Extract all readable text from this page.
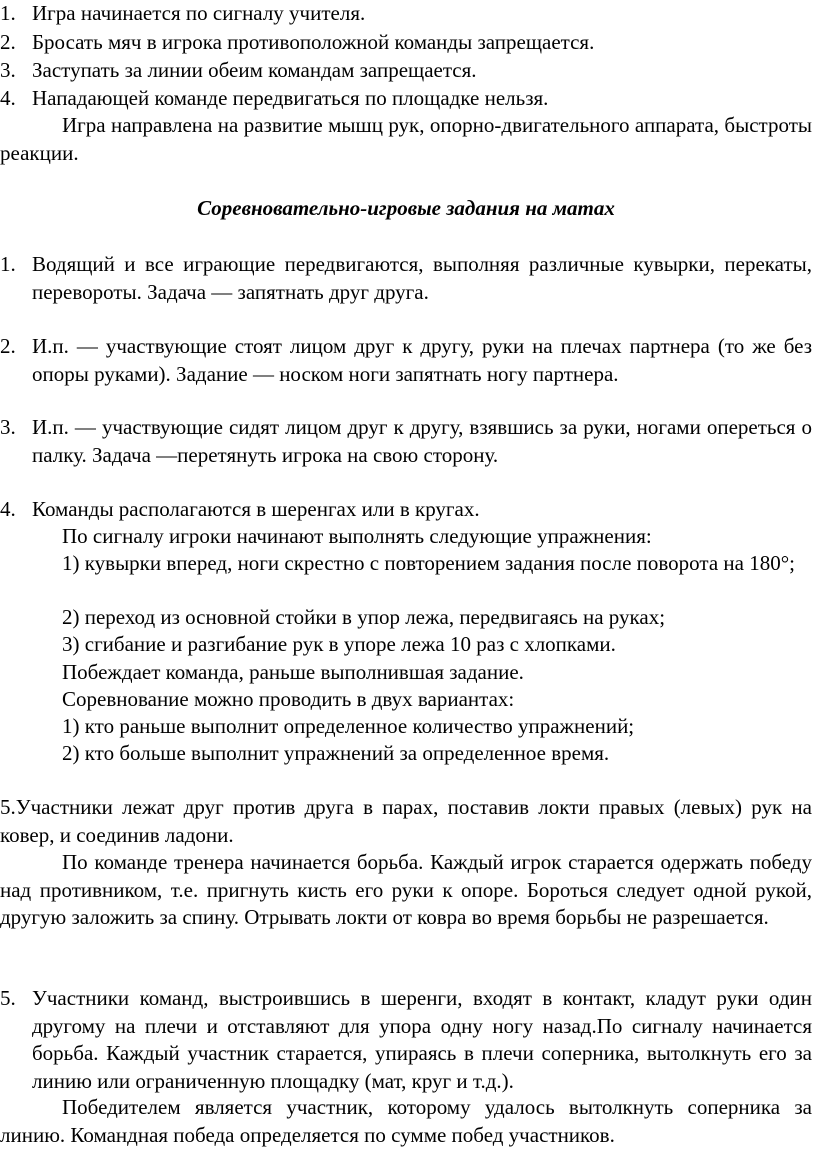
1. Игра начинается по сигналу учителя.
2. Бросать мяч в игрока противоположной команды запрещается.
3. Заступать за линии обеим командам запрещается.
4. Нападающей команде передвигаться по площадке нельзя.

Игра направлена на развитие мышц рук, опорно-двигательного аппарата, быстроты реакции.

Соревновательно-игровые задания на матах
1. Водящий и все играющие передвигаются, выполняя различные кувырки, перекаты, перевороты. Задача — запятнать друг друга.
2. И.п. — участвующие стоят лицом друг к другу, руки на плечах партнера (то же без опоры руками). Задание — носком ноги запятнать ногу партнера.
3. И.п. — участвующие сидят лицом друг к другу, взявшись за руки, ногами опереться о палку. Задача —перетянуть игрока на свою сторону.
4. Команды располагаются в шеренгах или в кругах.
По сигналу игроки начинают выполнять следующие упражнения:

1) кувырки вперед, ноги скрестно с повторением задания после поворота на 180°;

2) переход из основной стойки в упор лежа, передвигаясь на руках;
3) сгибание и разгибание рук в упоре лежа 10 раз с хлопками.
Побеждает команда, раньше выполнившая задание.
Соревнование можно проводить в двух вариантах:
1) кто раньше выполнит определенное количество упражнений;
2) кто больше выполнит упражнений за определенное время.

5.Участники лежат друг против друга в парах, поставив локти правых (левых) рук на ковер, и соединив ладони.

По команде тренера начинается борьба. Каждый игрок старается одержать победу над противником, т.е. пригнуть кисть его руки к опоре. Бороться следует одной рукой, другую заложить за спину. Отрывать локти от ковра во время борьбы не разрешается.

5. Участники команд, выстроившись в шеренги, входят в контакт, кладут руки один другому на плечи и отставляют для упора одну ногу назад.По сигналу начинается борьба. Каждый участник старается, упираясь в плечи соперника, вытолкнуть его за линию или ограниченную площадку (мат, круг и т.д.).

Победителем является участник, которому удалось вытолкнуть соперника за линию. Командная победа определяется по сумме побед участников.
